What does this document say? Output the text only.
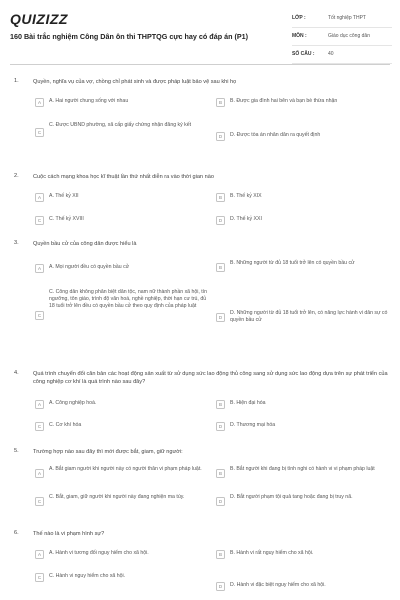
QUIZIZZ
160 Bài trắc nghiệm Công Dân ôn thi THPTQG cực hay có đáp án (P1)
LỚP :	Tốt nghiệp THPT
MÔN :	Giáo dục công dân
SỐ CÂU :	40
1.	Quyền, nghĩa vụ của vợ, chồng chỉ phát sinh và được pháp luật bảo vệ sau khi họ
A	A. Hai người chung sống với nhau	B	B. Được gia đình hai bên và bạn bè thừa nhận
C
C. Được UBND phường, xã cấp giấy chứng nhận đăng ký kết
D	D. Được tòa án nhân dân ra quyết định
2.	Cuộc cách mạng khoa học kĩ thuật lần thứ nhất diễn ra vào thời gian nào
A	A. Thế kỷ XII	B	B. Thế kỷ XIX
C	C. Thế kỷ XVIII	D	D. Thế kỷ XXI
3.	Quyền bầu cử của công dân được hiểu là
A	A. Mọi người đều có quyền bầu cử	B
B. Những người từ đủ 18 tuổi trở lên có quyền bầu cử
C
C. Công dân không phân biệt dân tộc, nam nữ thành phần xã hội, tín ngưỡng, tôn giáo, trình độ văn hoá, nghề nghiệp, thời hạn cư trú, đủ 18 tuổi trở lên đều có quyền bầu cử theo quy định của pháp luật
D
D. Những người từ đủ 18 tuổi trở lên, có năng lực hành vi dân sự có quyền bầu cử
4.	Quá trình chuyển đổi căn bản các hoạt động sản xuất từ sử dụng sức lao động thủ công sang sử dụng sức lao động dựa trên sự phát triển của công nghiệp cơ khí là quá trình nào sau đây?
A	A. Công nghiệp hoá.	B	B. Hiện đại hóa
C	C. Cơ khí hóa	D	D. Thương mại hóa
5.	Trường hợp nào sau đây thì mới được bắt, giam, giữ người:
A
A. Bắt giam người khi người này có người thân vi phạm pháp luật.
B
B. Bắt người khi đang bị tình nghi có hành vi vi phạm pháp luật
C
C. Bắt, giam, giữ người khi người này đang nghiện ma túy.
D
D. Bắt người phạm tội quả tang hoặc đang bị truy nã.
6.	Thế nào là vi phạm hình sự?
A	A. Hành vi tương đối nguy hiểm cho xã hội.	B	B. Hành vi rất nguy hiểm cho xã hội.
C	C. Hành vi nguy hiểm cho xã hội.
D	D. Hành vi đặc biệt nguy hiểm cho xã hội.
